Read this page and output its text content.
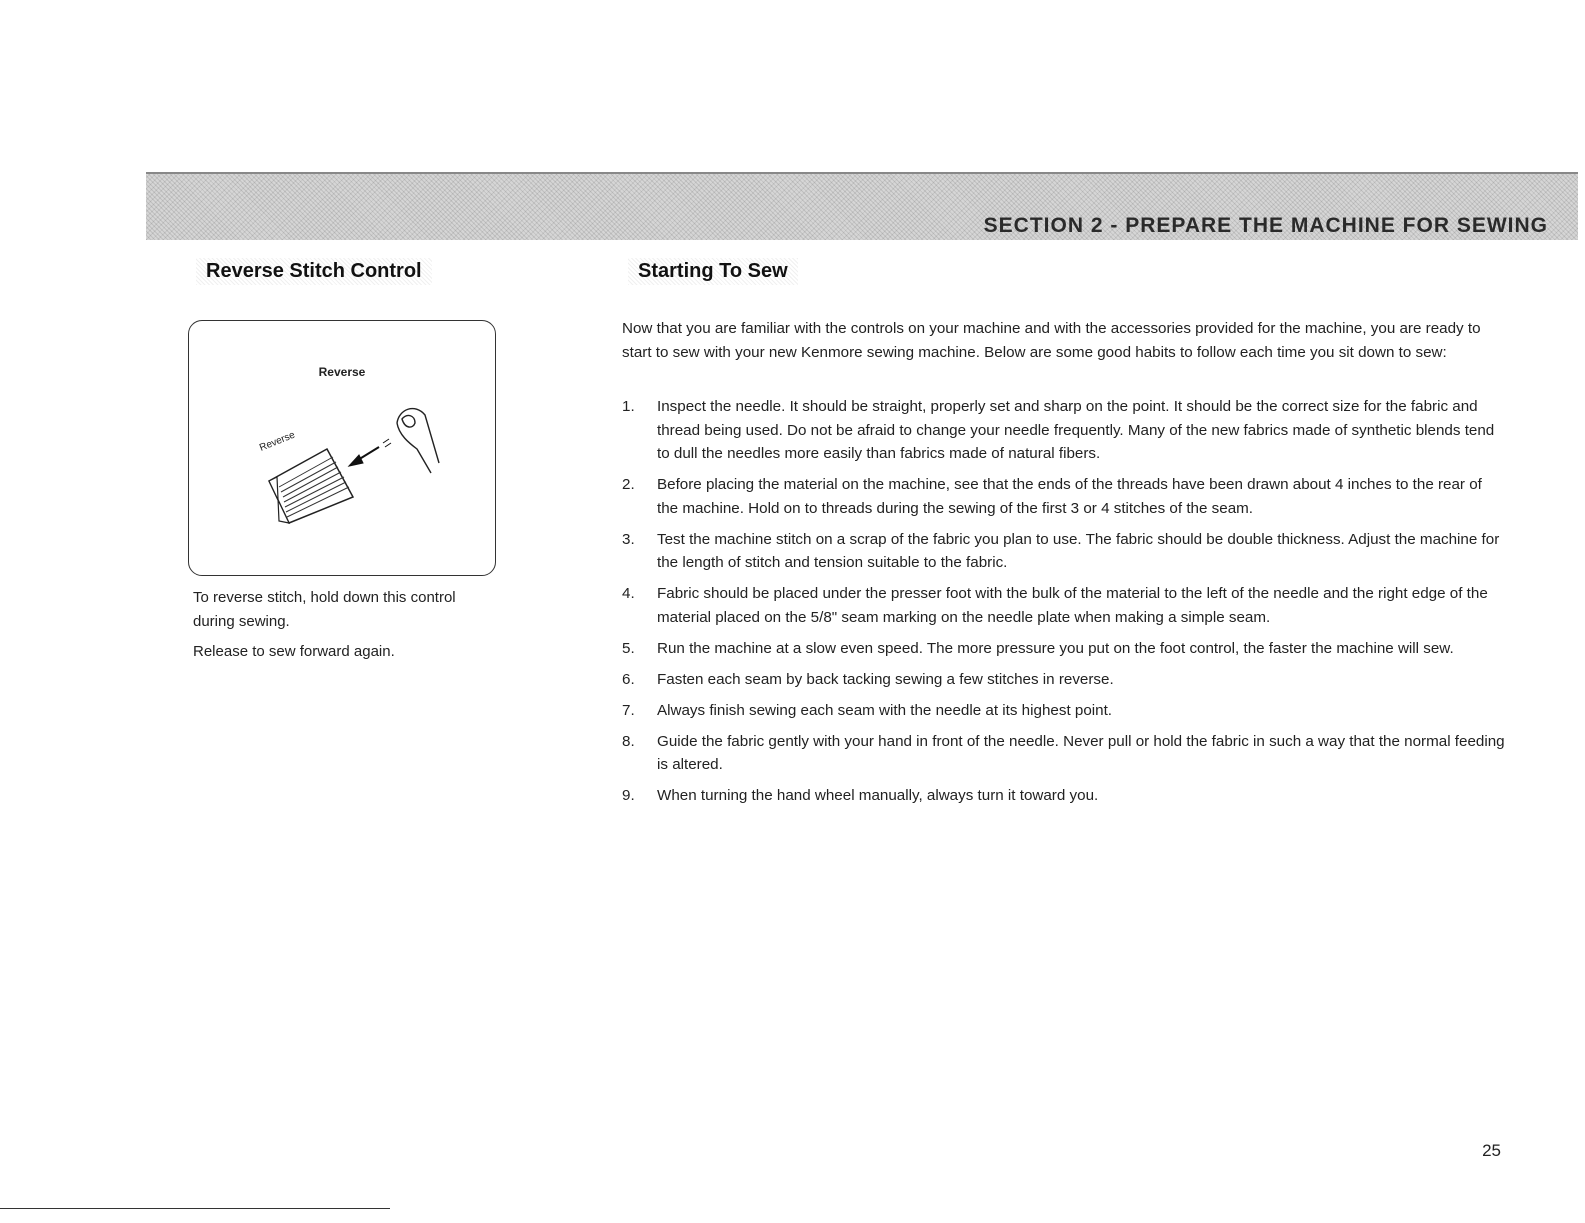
SECTION 2 - PREPARE THE MACHINE FOR SEWING
Reverse Stitch Control	Starting To Sew
Reverse
Reverse
To reverse stitch, hold down this control during sewing.
Release to sew forward again.

Now that you are familiar with the controls on your machine and with the accessories provided for the machine, you are ready to start to sew with your new Kenmore sewing machine. Below are some good habits to follow each time you sit down to sew:

1. Inspect the needle. It should be straight, properly set and sharp on the point. It should be the correct size for the fabric and thread being used. Do not be afraid to change your needle frequently. Many of the new fabrics made of synthetic blends tend to dull the needles more easily than fabrics made of natural fibers.
2. Before placing the material on the machine, see that the ends of the threads have been drawn about 4 inches to the rear of the machine. Hold on to threads during the sewing of the first 3 or 4 stitches of the seam.
3. Test the machine stitch on a scrap of the fabric you plan to use. The fabric should be double thickness. Adjust the machine for the length of stitch and tension suitable to the fabric.
4. Fabric should be placed under the presser foot with the bulk of the material to the left of the needle and the right edge of the material placed on the 5/8" seam marking on the needle plate when making a simple seam.
5. Run the machine at a slow even speed. The more pressure you put on the foot control, the faster the machine will sew.
6. Fasten each seam by back tacking sewing a few stitches in reverse.
7. Always finish sewing each seam with the needle at its highest point.
8. Guide the fabric gently with your hand in front of the needle. Never pull or hold the fabric in such a way that the normal feeding is altered.
9. When turning the hand wheel manually, always turn it toward you.
25
